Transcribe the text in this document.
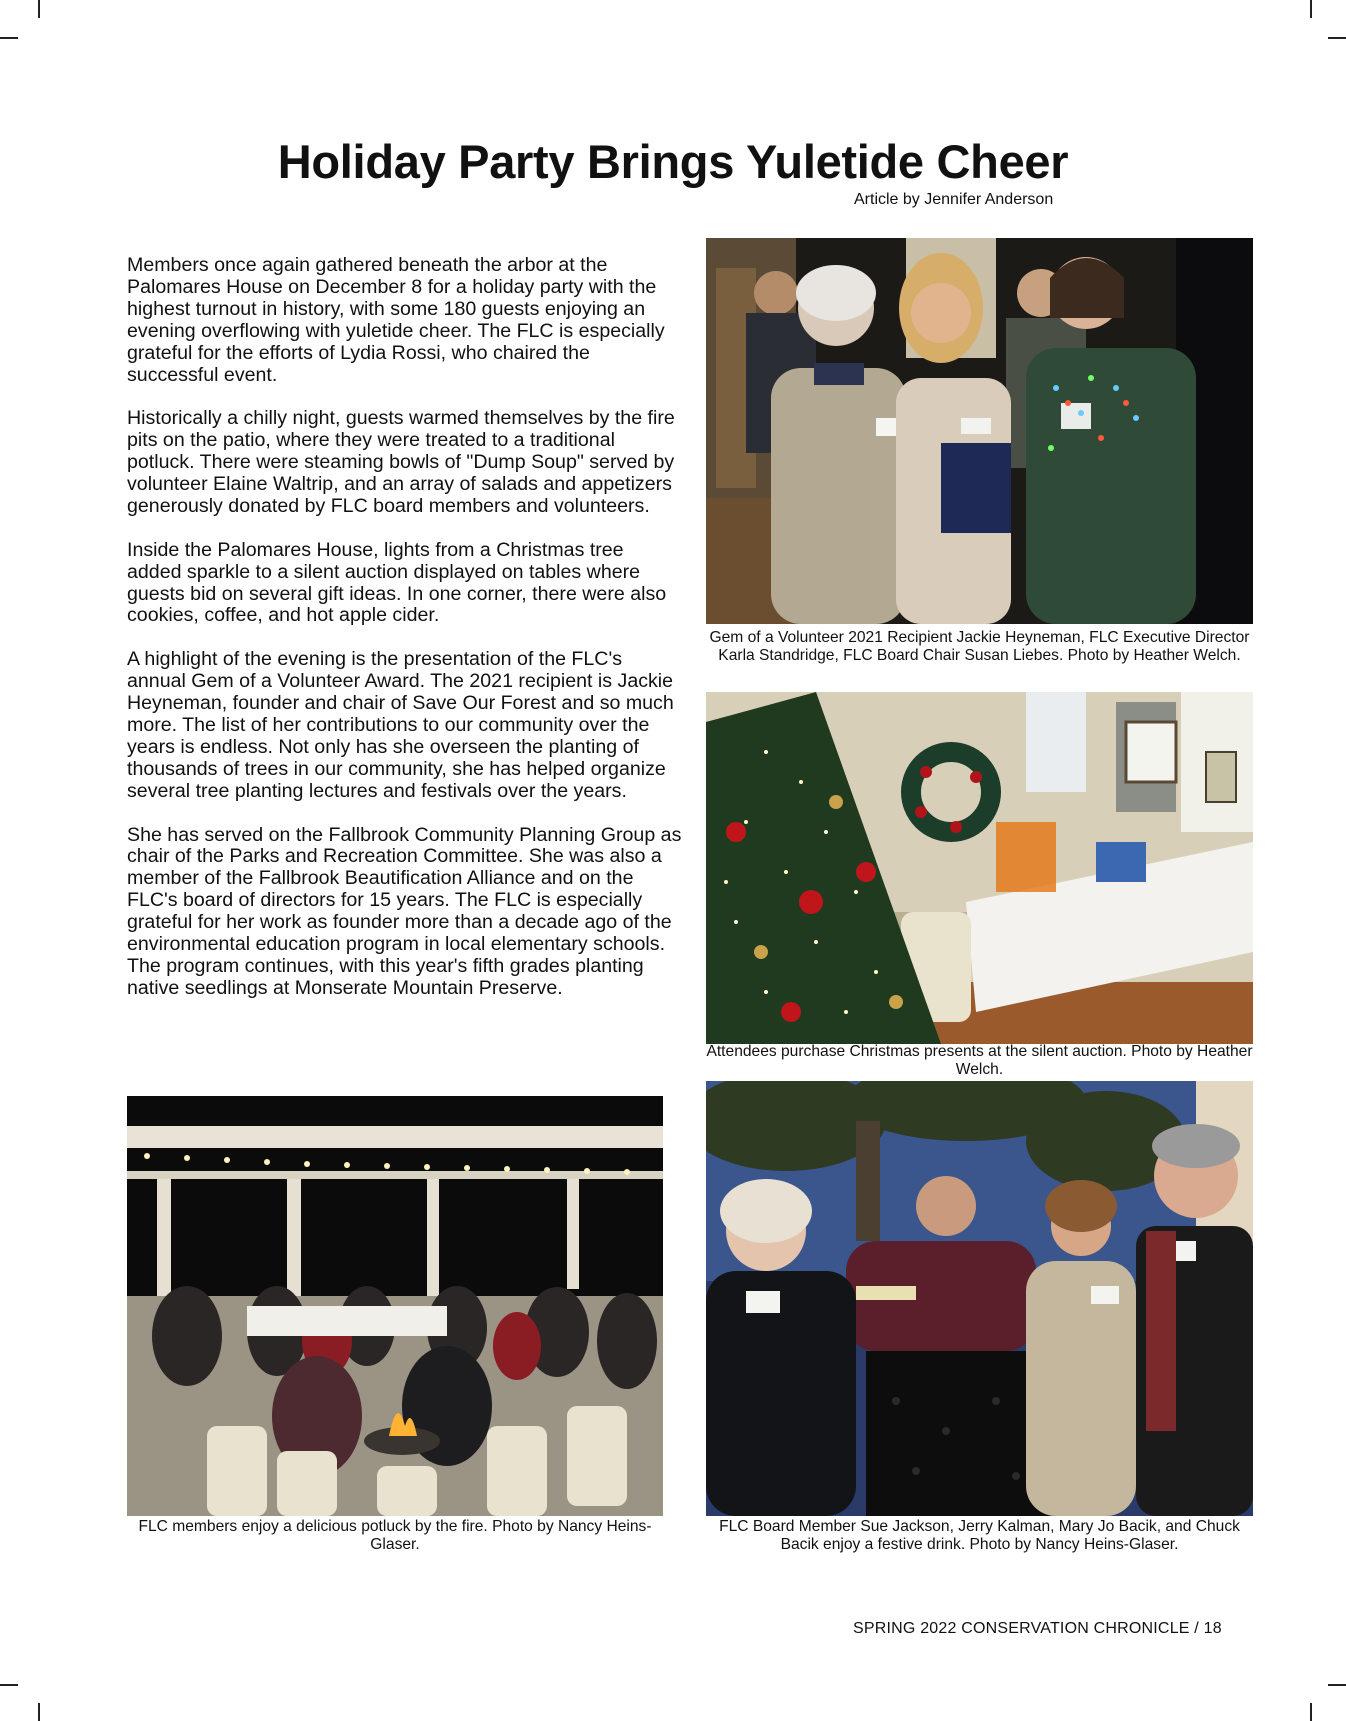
Holiday Party Brings Yuletide Cheer
Article by Jennifer Anderson

Members once again gathered beneath the arbor at the Palomares House on December 8 for a holiday party with the highest turnout in history, with some 180 guests enjoying an evening overflowing with yuletide cheer. The FLC is especially grateful for the efforts of Lydia Rossi, who chaired the successful event.

Historically a chilly night, guests warmed themselves by the fire pits on the patio, where they were treated to a traditional potluck. There were steaming bowls of "Dump Soup" served by volunteer Elaine Waltrip, and an array of salads and appetizers generously donated by FLC board members and volunteers.

Inside the Palomares House, lights from a Christmas tree added sparkle to a silent auction displayed on tables where guests bid on several gift ideas. In one corner, there were also cookies, coffee, and hot apple cider.

A highlight of the evening is the presentation of the FLC's annual Gem of a Volunteer Award. The 2021 recipient is Jackie Heyneman, founder and chair of Save Our Forest and so much more. The list of her contributions to our community over the years is endless. Not only has she overseen the planting of thousands of trees in our community, she has helped organize several tree planting lectures and festivals over the years.

She has served on the Fallbrook Community Planning Group as chair of the Parks and Recreation Committee. She was also a member of the Fallbrook Beautification Alliance and on the FLC's board of directors for 15 years. The FLC is especially grateful for her work as founder more than a decade ago of the environmental education program in local elementary schools. The program continues, with this year's fifth grades planting native seedlings at Monserate Mountain Preserve.

Gem of a Volunteer 2021 Recipient Jackie Heyneman, FLC Executive Director Karla Standridge, FLC Board Chair Susan Liebes. Photo by Heather Welch.
Attendees purchase Christmas presents at the silent auction. Photo by Heather Welch.
FLC members enjoy a delicious potluck by the fire. Photo by Nancy Heins-Glaser.
FLC Board Member Sue Jackson, Jerry Kalman, Mary Jo Bacik, and Chuck Bacik enjoy a festive drink. Photo by Nancy Heins-Glaser.
SPRING 2022 CONSERVATION CHRONICLE / 18
